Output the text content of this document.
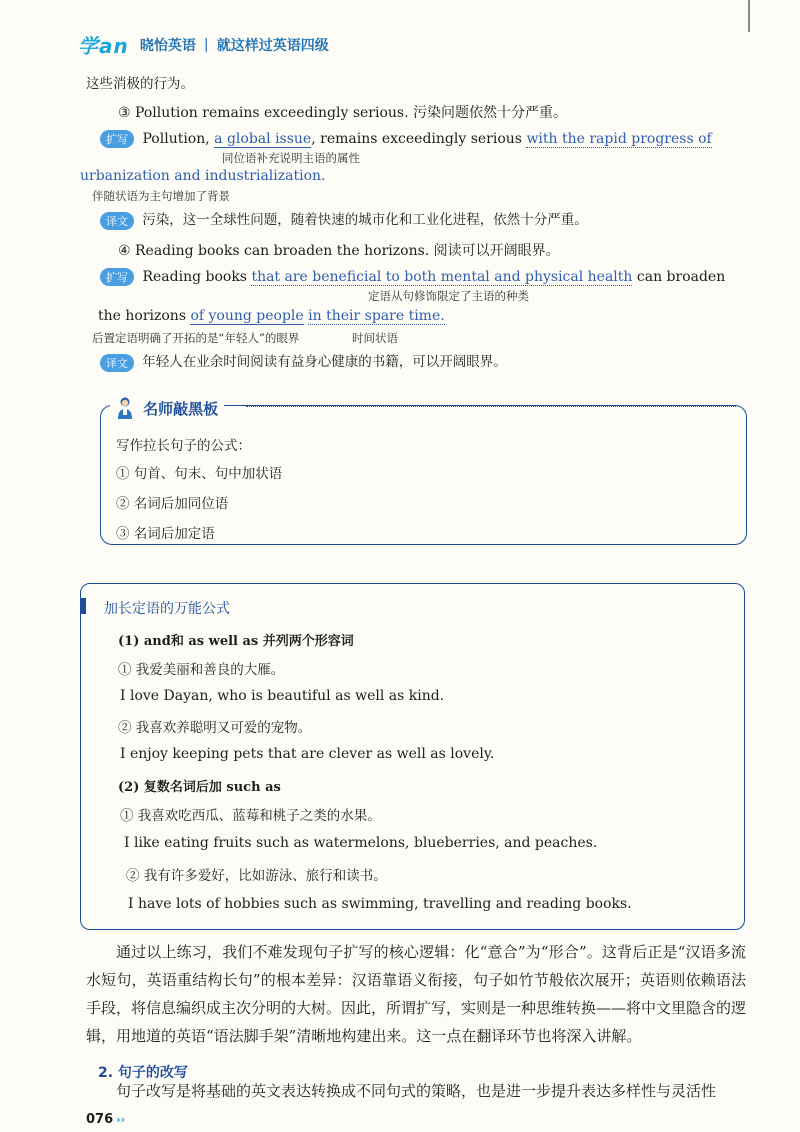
学an 晓怡英语 | 就这样过英语四级
这些消极的行为。
③ Pollution remains exceedingly serious. 污染问题依然十分严重。
扩写 Pollution, a global issue, remains exceedingly serious with the rapid progress of
同位语补充说明主语的属性
urbanization and industrialization.
伴随状语为主句增加了背景
译文 污染，这一全球性问题，随着快速的城市化和工业化进程，依然十分严重。
④ Reading books can broaden the horizons. 阅读可以开阔眼界。
扩写 Reading books that are beneficial to both mental and physical health can broaden
定语从句修饰限定了主语的种类
the horizons of young people in their spare time.
后置定语明确了开拓的是“年轻人”的眼界	时间状语
译文 年轻人在业余时间阅读有益身心健康的书籍，可以开阔眼界。
名师敲黑板
写作拉长句子的公式：
① 句首、句末、句中加状语
② 名词后加同位语
③ 名词后加定语
加长定语的万能公式
(1) and和 as well as 并列两个形容词
① 我爱美丽和善良的大雁。
I love Dayan, who is beautiful as well as kind.
② 我喜欢养聪明又可爱的宠物。
I enjoy keeping pets that are clever as well as lovely.
(2) 复数名词后加 such as
① 我喜欢吃西瓜、蓝莓和桃子之类的水果。
I like eating fruits such as watermelons, blueberries, and peaches.
② 我有许多爱好，比如游泳、旅行和读书。
I have lots of hobbies such as swimming, travelling and reading books.
通过以上练习，我们不难发现句子扩写的核心逻辑：化“意合”为“形合”。这背后正是“汉语多流水短句，英语重结构长句”的根本差异：汉语靠语义衔接，句子如竹节般依次展开；英语则依赖语法手段，将信息编织成主次分明的大树。因此，所谓扩写，实则是一种思维转换——将中文里隐含的逻辑，用地道的英语“语法脚手架”清晰地构建出来。这一点在翻译环节也将深入讲解。
2. 句子的改写
句子改写是将基础的英文表达转换成不同句式的策略，也是进一步提升表达多样性与灵活性
076 ››
